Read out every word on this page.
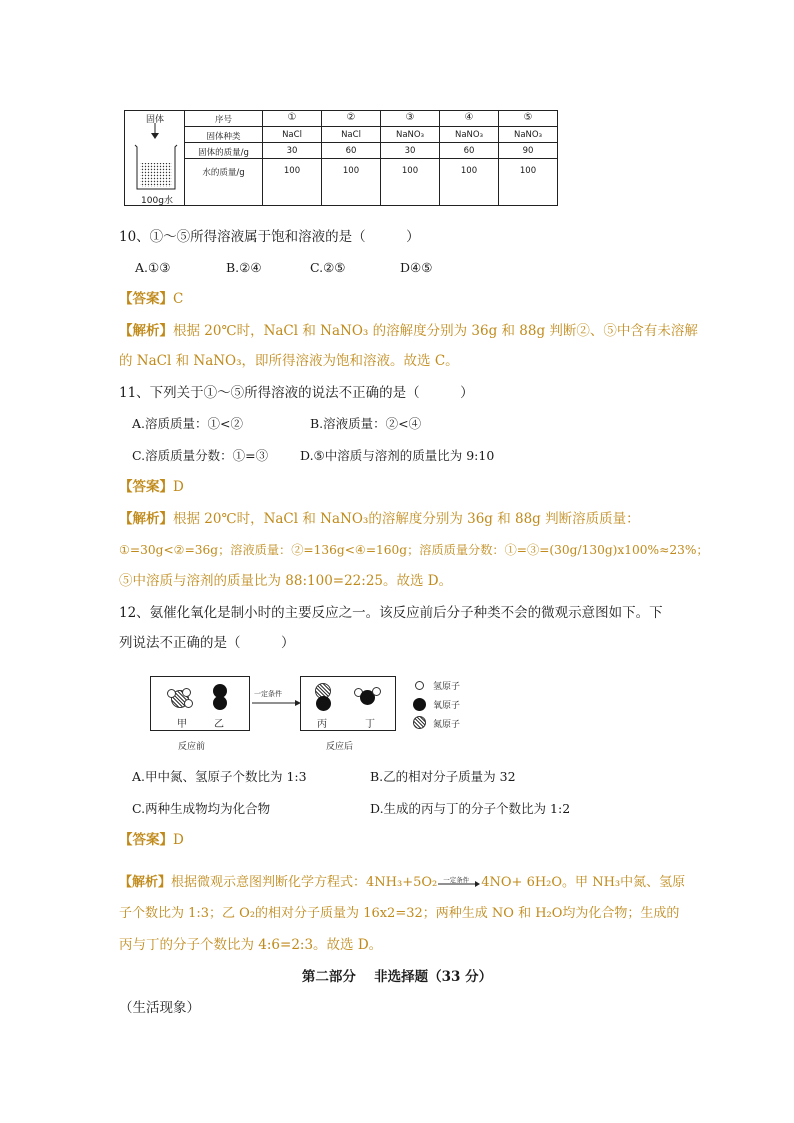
固体
100g水
序号	①	②	③	④	⑤
固体种类	NaCl	NaCl	NaNO₃	NaNO₃	NaNO₃
固体的质量/g	30	60	30	60	90
水的质量/g	100	100	100	100	100
10、①～⑤所得溶液属于饱和溶液的是（　　　）
A.①③	B.②④	C.②⑤	D④⑤
【答案】C
【解析】根据 20℃时，NaCl 和 NaNO₃ 的溶解度分别为 36g 和 88g 判断②、⑤中含有未溶解
的 NaCl 和 NaNO₃，即所得溶液为饱和溶液。故选 C。
11、下列关于①～⑤所得溶液的说法不正确的是（　　　）
A.溶质质量：①<②	B.溶液质量：②<④
C.溶质质量分数：①=③	D.⑤中溶质与溶剂的质量比为 9:10
【答案】D
【解析】根据 20℃时，NaCl 和 NaNO₃的溶解度分别为 36g 和 88g 判断溶质质量：
①=30g<②=36g；溶液质量：②=136g<④=160g；溶质质量分数：①=③=(30g/130g)x100%≈23%；
⑤中溶质与溶剂的质量比为 88:100=22:25。故选 D。
12、氨催化氧化是制小时的主要反应之一。该反应前后分子种类不会的微观示意图如下。下
列说法不正确的是（　　　）
甲	乙
反应前
一定条件
丙	丁
反应后
氢原子
氧原子
氮原子
A.甲中氮、氢原子个数比为 1:3	B.乙的相对分子质量为 32
C.两种生成物均为化合物	D.生成的丙与丁的分子个数比为 1:2
【答案】D
【解析】根据微观示意图判断化学方程式：4NH₃+5O₂ 一定条件 4NO+ 6H₂O。甲 NH₃中氮、氢原
子个数比为 1:3；乙 O₂的相对分子质量为 16x2=32；两种生成 NO 和 H₂O均为化合物；生成的
丙与丁的分子个数比为 4:6=2:3。故选 D。
第二部分　 非选择题（33 分）
（生活现象）
